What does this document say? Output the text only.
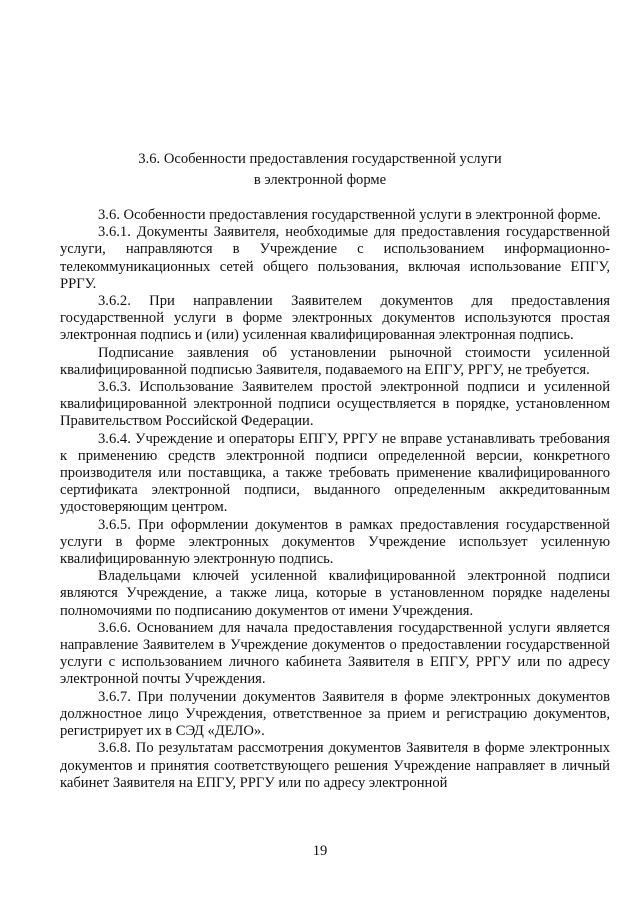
3.6. Особенности предоставления государственной услуги
в электронной форме

3.6. Особенности предоставления государственной услуги в электронной форме.

3.6.1. Документы Заявителя, необходимые для предоставления государственной услуги, направляются в Учреждение с использованием информационно-телекоммуникационных сетей общего пользования, включая использование ЕПГУ, РРГУ.

3.6.2. При направлении Заявителем документов для предоставления государственной услуги в форме электронных документов используются простая электронная подпись и (или) усиленная квалифицированная электронная подпись.

Подписание заявления об установлении рыночной стоимости усиленной квалифицированной подписью Заявителя, подаваемого на ЕПГУ, РРГУ, не требуется.

3.6.3. Использование Заявителем простой электронной подписи и усиленной квалифицированной электронной подписи осуществляется в порядке, установленном Правительством Российской Федерации.

3.6.4. Учреждение и операторы ЕПГУ, РРГУ не вправе устанавливать требования к применению средств электронной подписи определенной версии, конкретного производителя или поставщика, а также требовать применение квалифицированного сертификата электронной подписи, выданного определенным аккредитованным удостоверяющим центром.

3.6.5. При оформлении документов в рамках предоставления государственной услуги в форме электронных документов Учреждение использует усиленную квалифицированную электронную подпись.

Владельцами ключей усиленной квалифицированной электронной подписи являются Учреждение, а также лица, которые в установленном порядке наделены полномочиями по подписанию документов от имени Учреждения.

3.6.6. Основанием для начала предоставления государственной услуги является направление Заявителем в Учреждение документов о предоставлении государственной услуги с использованием личного кабинета Заявителя в ЕПГУ, РРГУ или по адресу электронной почты Учреждения.

3.6.7. При получении документов Заявителя в форме электронных документов должностное лицо Учреждения, ответственное за прием и регистрацию документов, регистрирует их в СЭД «ДЕЛО».

3.6.8. По результатам рассмотрения документов Заявителя в форме электронных документов и принятия соответствующего решения Учреждение направляет в личный кабинет Заявителя на ЕПГУ, РРГУ или по адресу электронной

19
